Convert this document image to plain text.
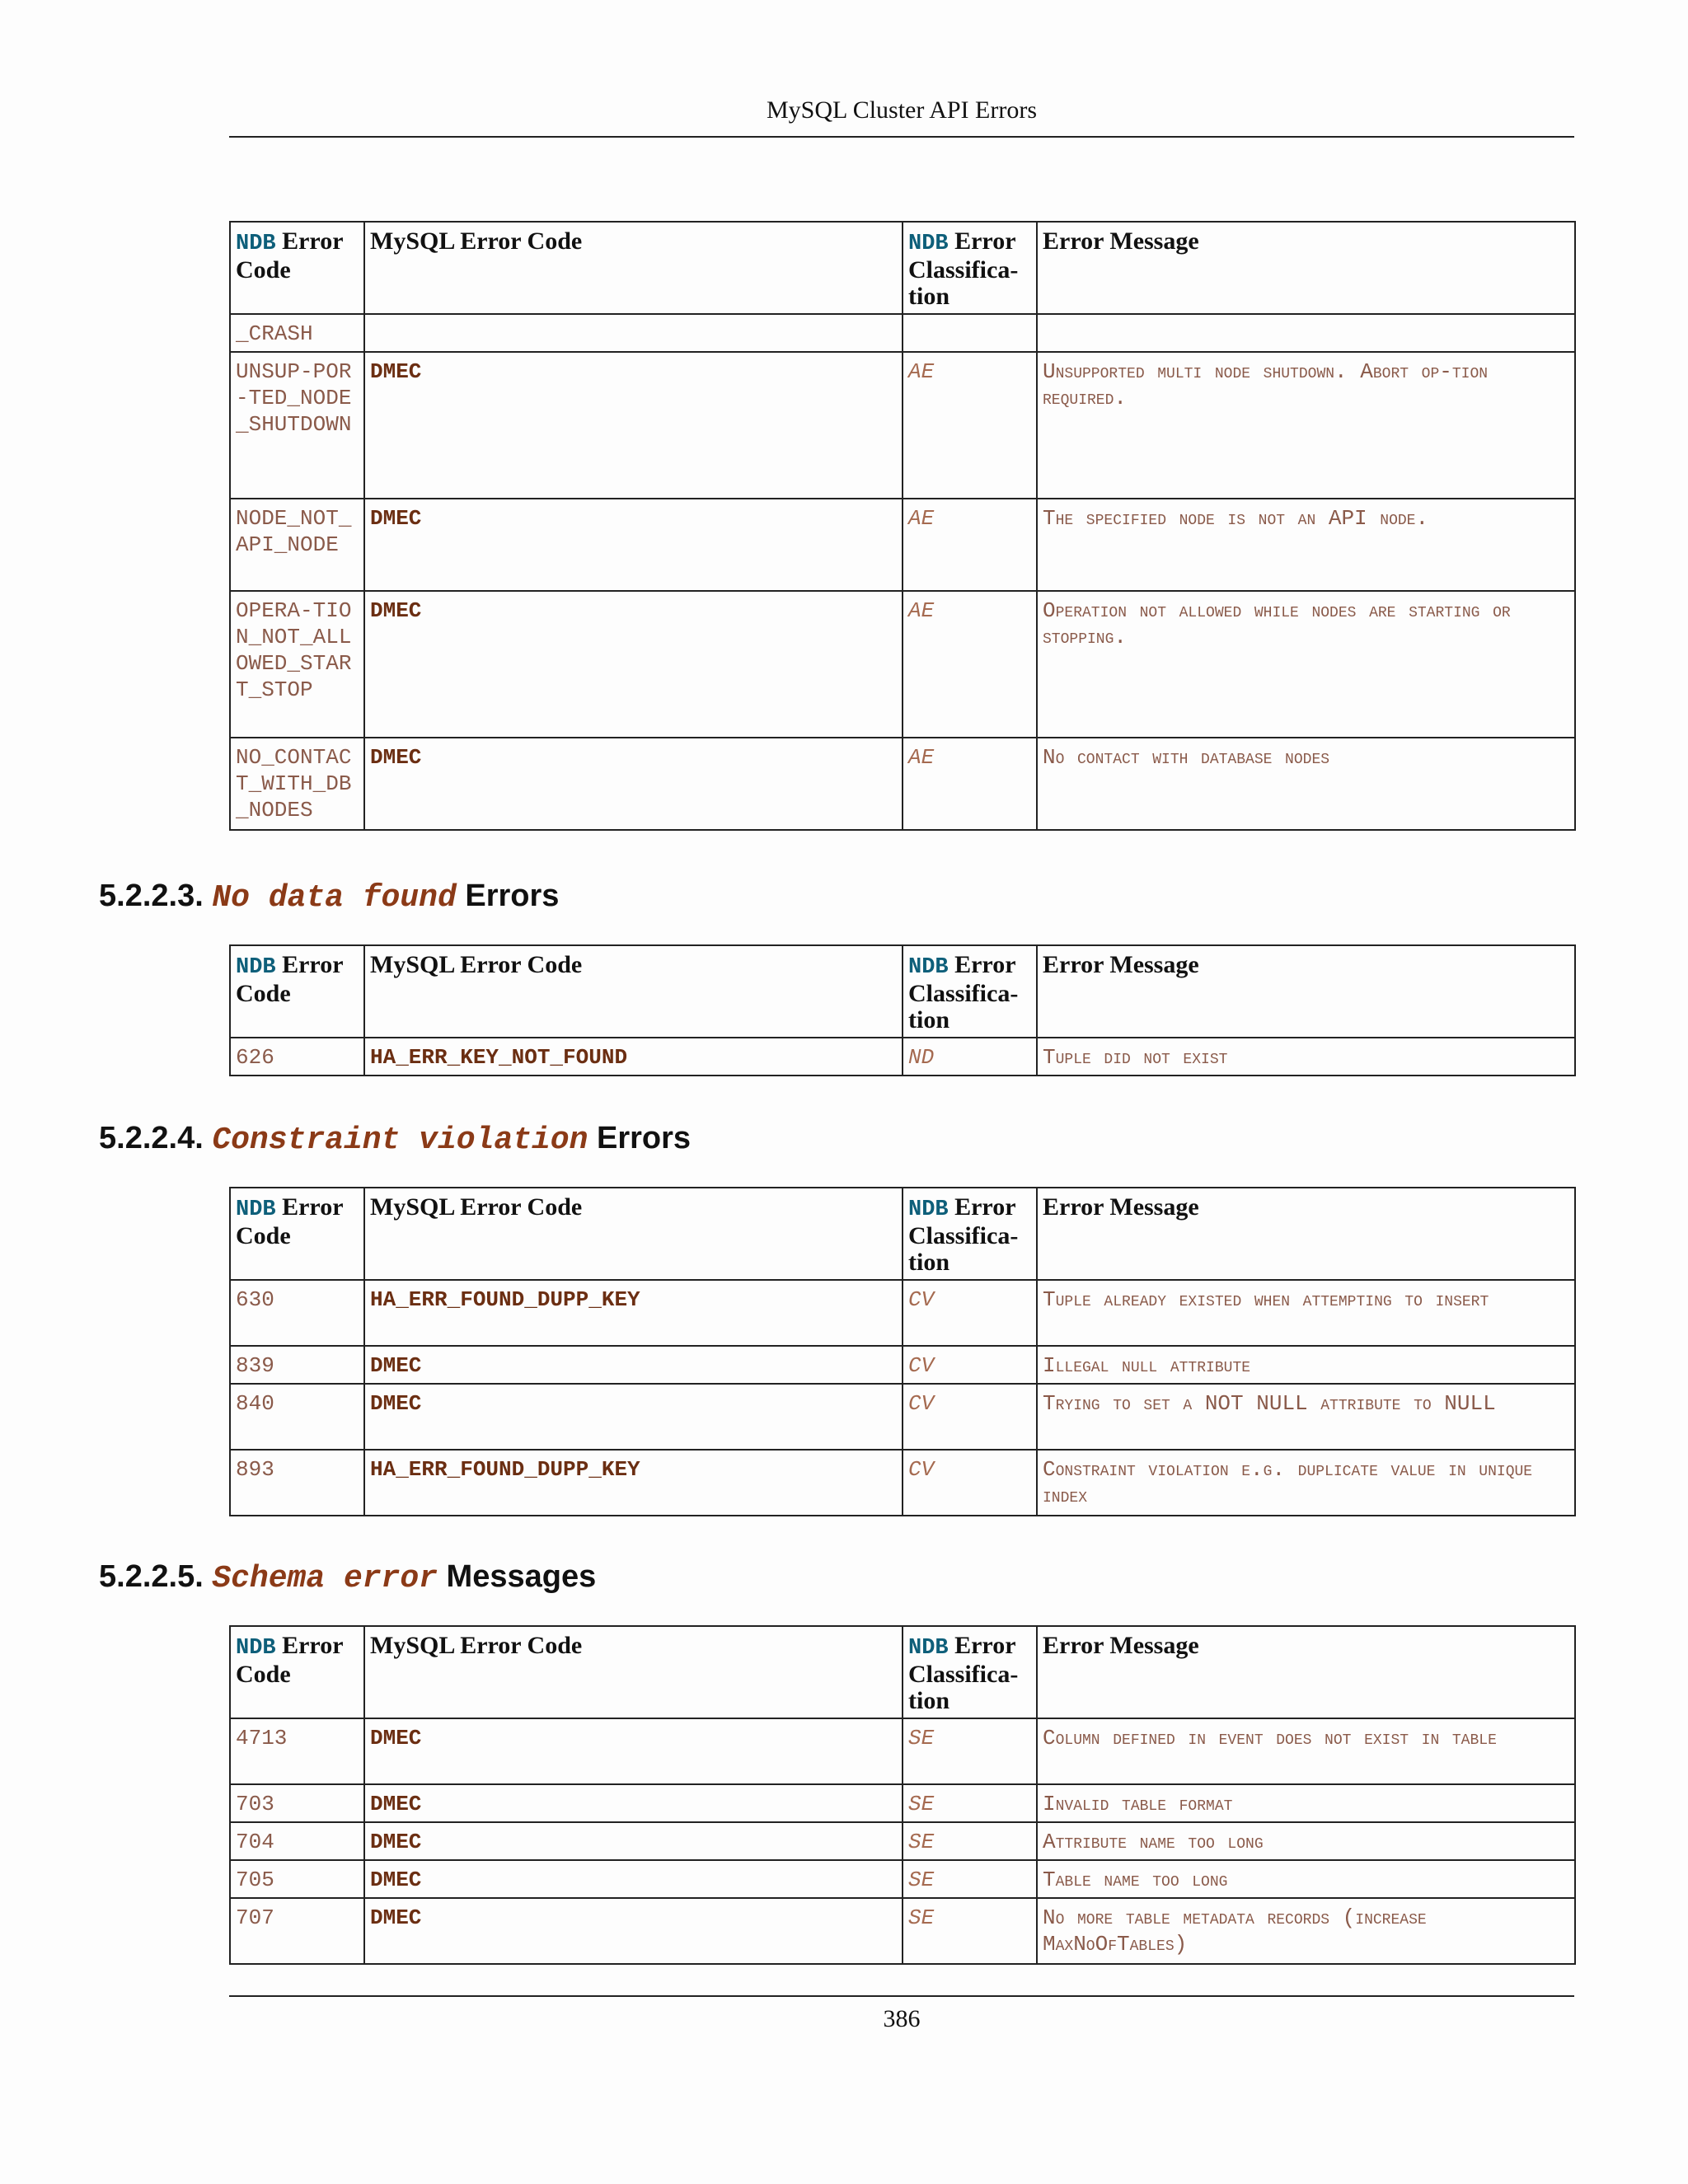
MySQL Cluster API Errors
NDB Error Code	MySQL Error Code	NDB Error Classifica-tion	Error Message
_CRASH			
UNSUP-POR-TED_NODE_SHUTDOWN	DMEC	AE	Unsupported multi node shutdown. Abort op-tion required.
NODE_NOT_API_NODE	DMEC	AE	The specified node is not an API node.
OPERA-TION_NOT_ALLOWED_START_STOP	DMEC	AE	Operation not allowed while nodes are starting or stopping.
NO_CONTACT_WITH_DB_NODES	DMEC	AE	No contact with database nodes
5.2.2.3. No data found Errors
NDB Error Code	MySQL Error Code	NDB Error Classifica-tion	Error Message
626	HA_ERR_KEY_NOT_FOUND	ND	Tuple did not exist
5.2.2.4. Constraint violation Errors
NDB Error Code	MySQL Error Code	NDB Error Classifica-tion	Error Message
630	HA_ERR_FOUND_DUPP_KEY	CV	Tuple already existed when attempting to insert
839	DMEC	CV	Illegal null attribute
840	DMEC	CV	Trying to set a NOT NULL attribute to NULL
893	HA_ERR_FOUND_DUPP_KEY	CV	Constraint violation e.g. duplicate value in unique index
5.2.2.5. Schema error Messages
NDB Error Code	MySQL Error Code	NDB Error Classifica-tion	Error Message
4713	DMEC	SE	Column defined in event does not exist in table
703	DMEC	SE	Invalid table format
704	DMEC	SE	Attribute name too long
705	DMEC	SE	Table name too long
707	DMEC	SE	No more table metadata records (increase MaxNoOfTables)
386
